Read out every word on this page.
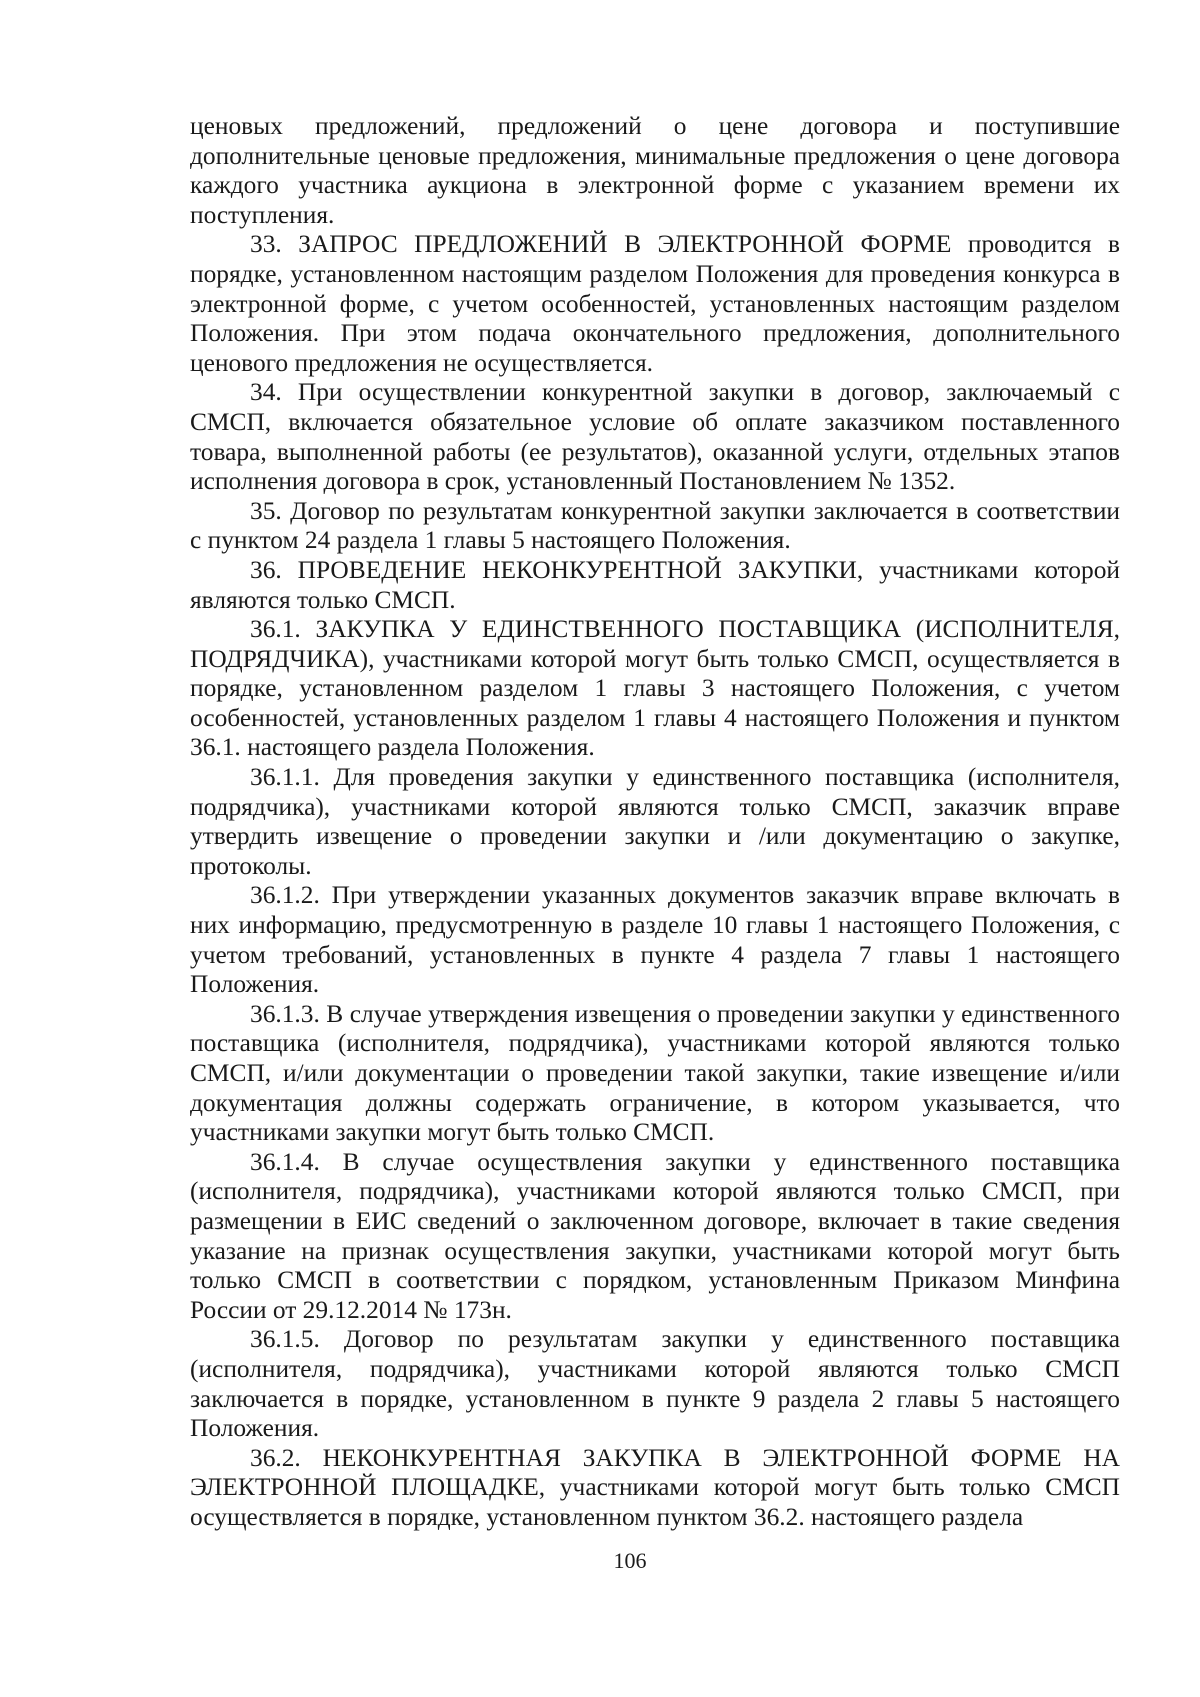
ценовых предложений, предложений о цене договора и поступившие дополнительные ценовые предложения, минимальные предложения о цене договора каждого участника аукциона в электронной форме с указанием времени их поступления.

33. ЗАПРОС ПРЕДЛОЖЕНИЙ В ЭЛЕКТРОННОЙ ФОРМЕ проводится в порядке, установленном настоящим разделом Положения для проведения конкурса в электронной форме, с учетом особенностей, установленных настоящим разделом Положения. При этом подача окончательного предложения, дополнительного ценового предложения не осуществляется.

34. При осуществлении конкурентной закупки в договор, заключаемый с СМСП, включается обязательное условие об оплате заказчиком поставленного товара, выполненной работы (ее результатов), оказанной услуги, отдельных этапов исполнения договора в срок, установленный Постановлением № 1352.

35. Договор по результатам конкурентной закупки заключается в соответствии с пунктом 24 раздела 1 главы 5 настоящего Положения.

36. ПРОВЕДЕНИЕ НЕКОНКУРЕНТНОЙ ЗАКУПКИ, участниками которой являются только СМСП.

36.1. ЗАКУПКА У ЕДИНСТВЕННОГО ПОСТАВЩИКА (ИСПОЛНИТЕЛЯ, ПОДРЯДЧИКА), участниками которой могут быть только СМСП, осуществляется в порядке, установленном разделом 1 главы 3 настоящего Положения, с учетом особенностей, установленных разделом 1 главы 4 настоящего Положения и пунктом 36.1. настоящего раздела Положения.

36.1.1. Для проведения закупки у единственного поставщика (исполнителя, подрядчика), участниками которой являются только СМСП, заказчик вправе утвердить извещение о проведении закупки и /или документацию о закупке, протоколы.

36.1.2. При утверждении указанных документов заказчик вправе включать в них информацию, предусмотренную в разделе 10 главы 1 настоящего Положения, с учетом требований, установленных в пункте 4 раздела 7 главы 1 настоящего Положения.

36.1.3. В случае утверждения извещения о проведении закупки у единственного поставщика (исполнителя, подрядчика), участниками которой являются только СМСП, и/или документации о проведении такой закупки, такие извещение и/или документация должны содержать ограничение, в котором указывается, что участниками закупки могут быть только СМСП.

36.1.4. В случае осуществления закупки у единственного поставщика (исполнителя, подрядчика), участниками которой являются только СМСП, при размещении в ЕИС сведений о заключенном договоре, включает в такие сведения указание на признак осуществления закупки, участниками которой могут быть только СМСП в соответствии с порядком, установленным Приказом Минфина России от 29.12.2014 № 173н.

36.1.5. Договор по результатам закупки у единственного поставщика (исполнителя, подрядчика), участниками которой являются только СМСП заключается в порядке, установленном в пункте 9 раздела 2 главы 5 настоящего Положения.

36.2. НЕКОНКУРЕНТНАЯ ЗАКУПКА В ЭЛЕКТРОННОЙ ФОРМЕ НА ЭЛЕКТРОННОЙ ПЛОЩАДКЕ, участниками которой могут быть только СМСП осуществляется в порядке, установленном пунктом 36.2. настоящего раздела

106
